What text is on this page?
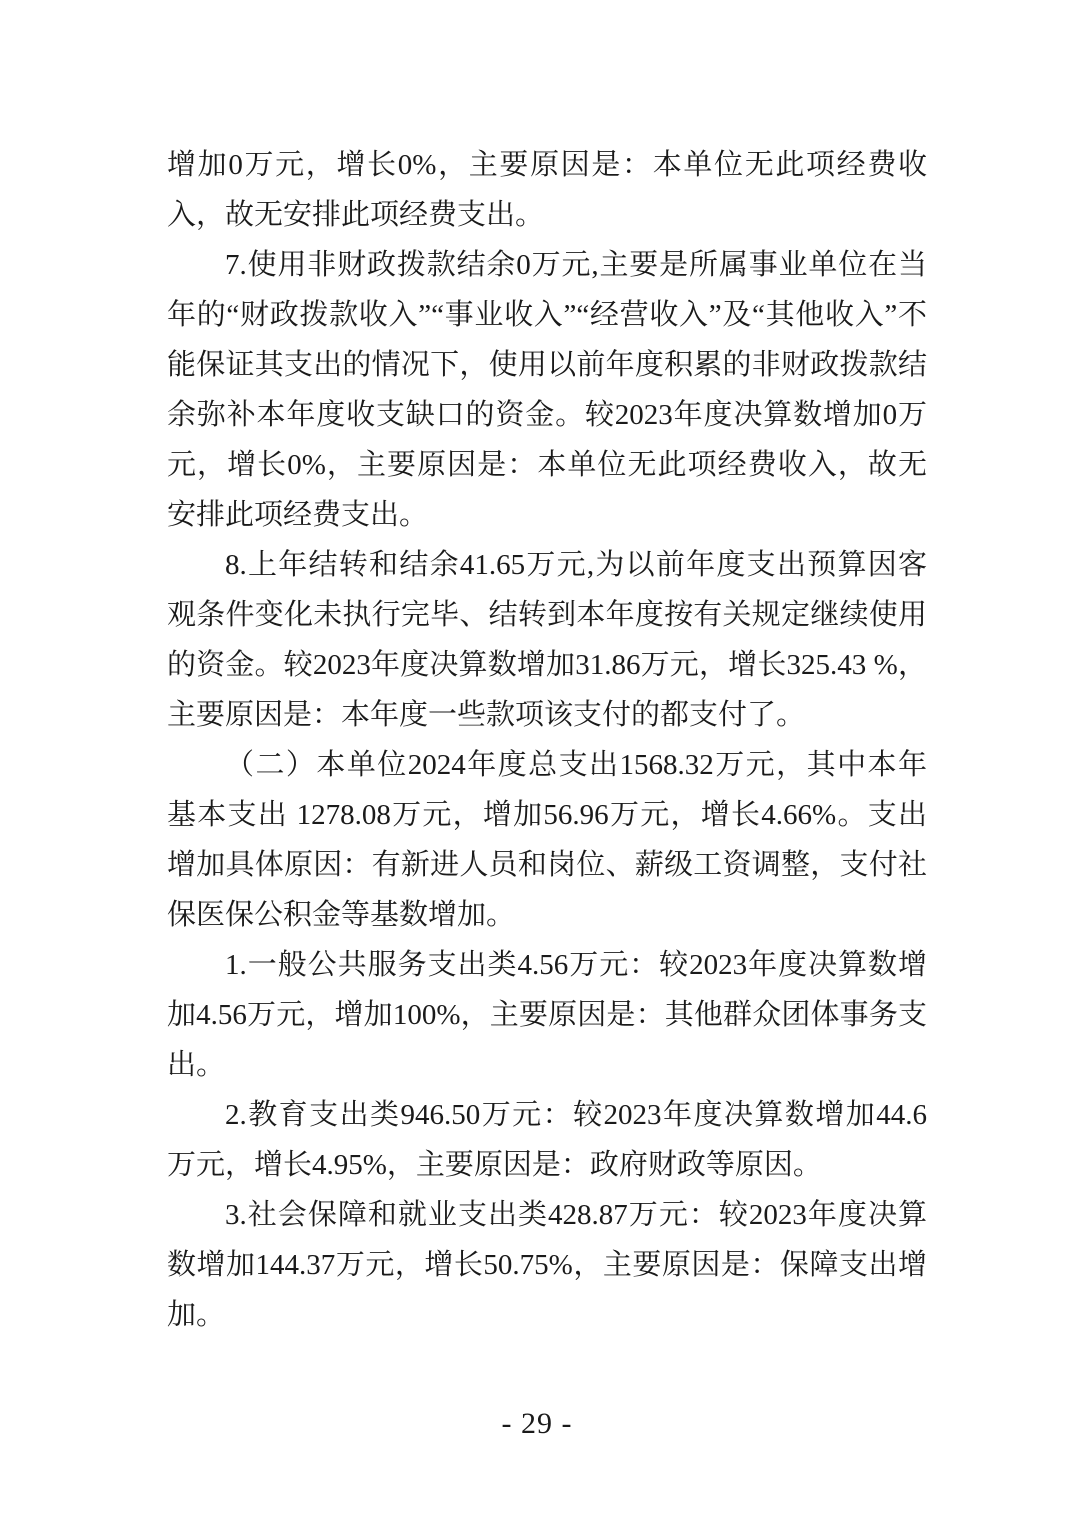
增加0万元，增长0%，主要原因是：本单位无此项经费收入，故无安排此项经费支出。

7.使用非财政拨款结余0万元,主要是所属事业单位在当年的“财政拨款收入”“事业收入”“经营收入”及“其他收入”不能保证其支出的情况下，使用以前年度积累的非财政拨款结余弥补本年度收支缺口的资金。较2023年度决算数增加0万元，增长0%，主要原因是：本单位无此项经费收入，故无安排此项经费支出。

8.上年结转和结余41.65万元,为以前年度支出预算因客观条件变化未执行完毕、结转到本年度按有关规定继续使用的资金。较2023年度决算数增加31.86万元，增长325.43 %，主要原因是：本年度一些款项该支付的都支付了。

（二）本单位2024年度总支出1568.32万元，其中本年基本支出 1278.08万元，增加56.96万元，增长4.66%。支出增加具体原因：有新进人员和岗位、薪级工资调整，支付社保医保公积金等基数增加。

1.一般公共服务支出类4.56万元：较2023年度决算数增加4.56万元，增加100%，主要原因是：其他群众团体事务支出。

2.教育支出类946.50万元：较2023年度决算数增加44.6万元，增长4.95%，主要原因是：政府财政等原因。

3.社会保障和就业支出类428.87万元：较2023年度决算数增加144.37万元，增长50.75%，主要原因是：保障支出增加。

- 29 -
